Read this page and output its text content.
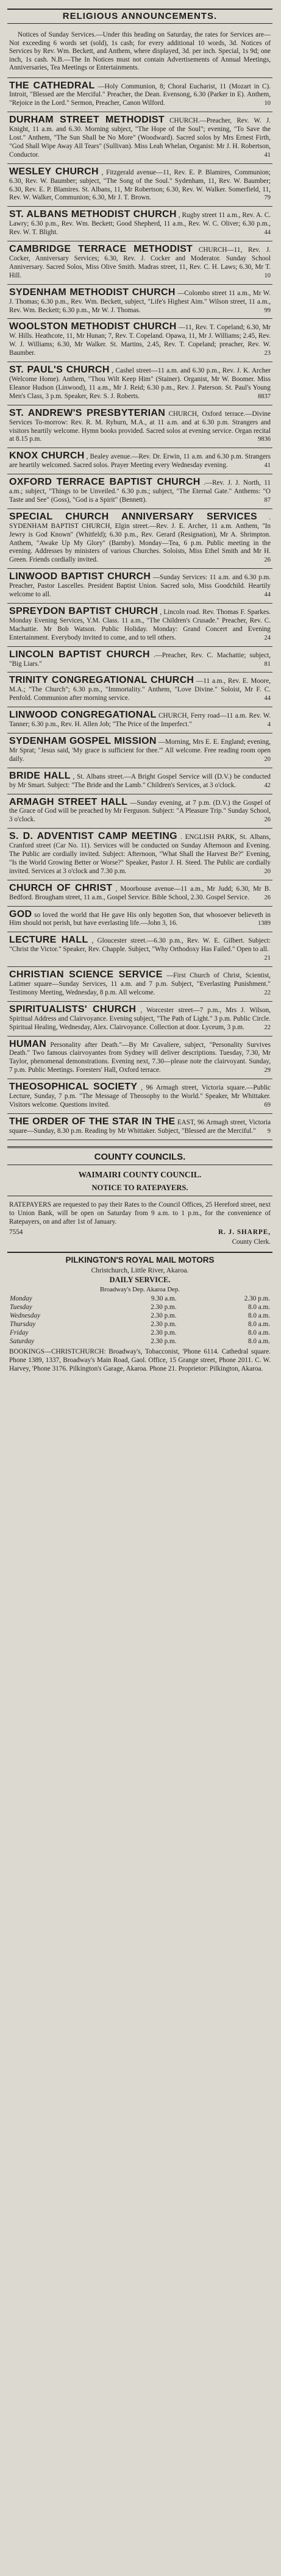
RELIGIOUS ANNOUNCEMENTS.
Notices of Sunday Services.—Under this heading on Saturday, the rates for Services are—Not exceeding 6 words set (sold), 1s cash; for every additional 10 words, 3d. Notices of Services by Rev. Wm. Beckett, and Anthem, where displayed, 3d. per inch. Special, 1s 9d; one inch, 1s cash. N.B.—The In Notices must not contain Advertisements of Annual Meetings, Anniversaries, Tea Meetings or Entertainments.
THE CATHEDRAL —Holy Communion, 8; Choral Eucharist, 11 (Mozart in C). Introit, "Blessed are the Merciful." Preacher, the Dean. Evensong, 6.30 (Parker in E). Anthem, "Rejoice in the Lord." Sermon, Preacher, Canon Wilford.	10
DURHAM STREET METHODIST CHURCH.—Preacher, Rev. W. J. Knight, 11 a.m. and 6.30. Morning subject, "The Hope of the Soul"; evening, "To Save the Lost." Anthem, "The Sun Shall be No More" (Woodward). Sacred solos by Mrs Ernest Firth, "God Shall Wipe Away All Tears" (Sullivan). Miss Leah Whelan, Organist: Mr J. H. Robertson, Conductor.	41
WESLEY CHURCH , Fitzgerald avenue—11, Rev. E. P. Blamires, Communion; 6.30, Rev. W. Baumber; subject, "The Song of the Soul." Sydenham, 11, Rev. W. Baumber; 6.30, Rev. E. P. Blamires. St. Albans, 11, Mr Robertson; 6.30, Rev. W. Walker. Somerfield, 11, Rev. W. Walker, Communion; 6.30, Mr J. T. Brown.	79
ST. ALBANS METHODIST CHURCH , Rugby street 11 a.m., Rev. A. C. Lawry; 6.30 p.m., Rev. Wm. Beckett; Good Shepherd, 11 a.m., Rev. W. C. Oliver; 6.30 p.m., Rev. W. T. Blight.	44
CAMBRIDGE TERRACE METHODIST CHURCH—11, Rev. J. Cocker, Anniversary Services; 6.30, Rev. J. Cocker and Moderator. Sunday School Anniversary. Sacred Solos, Miss Olive Smith. Madras street, 11, Rev. C. H. Laws; 6.30, Mr T. Hill.	10
SYDENHAM METHODIST CHURCH —Colombo street 11 a.m., Mr W. J. Thomas; 6.30 p.m., Rev. Wm. Beckett, subject, "Life's Highest Aim." Wilson street, 11 a.m., Rev. Wm. Beckett; 6.30 p.m., Mr W. J. Thomas.	99
WOOLSTON METHODIST CHURCH —11, Rev. T. Copeland; 6.30, Mr W. Hills. Heathcote, 11, Mr Hunan; 7, Rev. T. Copeland. Opawa, 11, Mr J. Williams; 2.45, Rev. W. J. Williams; 6.30, Mr Walker. St. Martins, 2.45, Rev. T. Copeland; preacher, Rev. W. Baumber.	23
ST. PAUL'S CHURCH , Cashel street—11 a.m. and 6.30 p.m., Rev. J. K. Archer (Welcome Home). Anthem, "Thou Wilt Keep Him" (Stainer). Organist, Mr W. Boomer. Miss Eleanor Hudson (Linwood), 11 a.m., Mr J. Reid; 6.30 p.m., Rev. J. Paterson. St. Paul's Young Men's Class, 3 p.m. Speaker, Rev. S. J. Roberts.	8837
ST. ANDREW'S PRESBYTERIAN CHURCH, Oxford terrace.—Divine Services To-morrow: Rev. R. M. Ryburn, M.A., at 11 a.m. and at 6.30 p.m. Strangers and visitors heartily welcome. Hymn books provided. Sacred solos at evening service. Organ recital at 8.15 p.m.	9836
KNOX CHURCH , Bealey avenue.—Rev. Dr. Erwin, 11 a.m. and 6.30 p.m. Strangers are heartily welcomed. Sacred solos. Prayer Meeting every Wednesday evening.	41
OXFORD TERRACE BAPTIST CHURCH .—Rev. J. J. North, 11 a.m.; subject, "Things to be Unveiled." 6.30 p.m.; subject, "The Eternal Gate." Anthems: "O Taste and See" (Goss), "God is a Spirit" (Bennett).	87
SPECIAL CHURCH ANNIVERSARY SERVICES . SYDENHAM BAPTIST CHURCH, Elgin street.—Rev. J. E. Archer, 11 a.m. Anthem, "In Jewry is God Known" (Whitfeld); 6.30 p.m., Rev. Gerard (Resignation), Mr A. Shrimpton. Anthem, "Awake Up My Glory" (Barnby). Monday—Tea, 6 p.m. Public meeting in the evening. Addresses by ministers of various Churches. Soloists, Miss Ethel Smith and Mr H. Green. Friends cordially invited.	26
LINWOOD BAPTIST CHURCH —Sunday Services: 11 a.m. and 6.30 p.m. Preacher, Pastor Lascelles. President Baptist Union. Sacred solo, Miss Goodchild. Heartily welcome to all.	44
SPREYDON BAPTIST CHURCH , Lincoln road. Rev. Thomas F. Sparkes. Monday Evening Services, Y.M. Class. 11 a.m., "The Children's Crusade." Preacher, Rev. C. Machattie. Mr Bob Watson. Public Holiday. Monday: Grand Concert and Evening Entertainment. Everybody invited to come, and to tell others.	24
LINCOLN BAPTIST CHURCH .—Preacher, Rev. C. Machattie; subject, "Big Liars."	81
TRINITY CONGREGATIONAL CHURCH —11 a.m., Rev. E. Moore, M.A.; "The Church"; 6.30 p.m., "Immortality." Anthem, "Love Divine." Soloist, Mr F. C. Penfold. Communion after morning service.	44
LINWOOD CONGREGATIONAL CHURCH, Ferry road—11 a.m. Rev. W. Tanner; 6.30 p.m., Rev. H. Allen Job; "The Price of the Imperfect."	4
SYDENHAM GOSPEL MISSION —Morning, Mrs E. E. England; evening, Mr Sprat; "Jesus said, 'My grace is sufficient for thee.'" All welcome. Free reading room open daily.	20
BRIDE HALL , St. Albans street.—A Bright Gospel Service will (D.V.) be conducted by Mr Smart. Subject: "The Bride and the Lamb." Children's Services, at 3 o'clock.	42
ARMAGH STREET HALL —Sunday evening, at 7 p.m. (D.V.) the Gospel of the Grace of God will be preached by Mr Ferguson. Subject: "A Pleasure Trip." Sunday School, 3 o'clock.	26
S. D. ADVENTIST CAMP MEETING . ENGLISH PARK, St. Albans, Cranford street (Car No. 11). Services will be conducted on Sunday Afternoon and Evening. The Public are cordially invited. Subject: Afternoon, "What Shall the Harvest Be?" Evening, "Is the World Growing Better or Worse?" Speaker, Pastor J. H. Steed. The Public are cordially invited. Services at 3 o'clock and 7.30 p.m.	20
CHURCH OF CHRIST , Moorhouse avenue—11 a.m., Mr Judd; 6.30, Mr B. Bedford. Brougham street, 11 a.m., Gospel Service. Bible School, 2.30. Gospel Service. 26
GOD so loved the world that He gave His only begotten Son, that whosoever believeth in Him should not perish, but have everlasting life.—John 3, 16.	1389
LECTURE HALL , Gloucester street.—6.30 p.m., Rev. W. E. Gilbert. Subject: "Christ the Victor." Speaker, Rev. Chapple. Subject, "Why Orthodoxy Has Failed." Open to all.
21
CHRISTIAN SCIENCE SERVICE —First Church of Christ, Scientist, Latimer square—Sunday Services, 11 a.m. and 7 p.m. Subject, "Everlasting Punishment." Testimony Meeting, Wednesday, 8 p.m. All welcome.	22
SPIRITUALISTS' CHURCH , Worcester street—7 p.m., Mrs J. Wilson, Spiritual Address and Clairvoyance. Evening subject, "The Path of Light." 3 p.m. Public Circle. Spiritual Healing, Wednesday, Alex. Clairvoyance. Collection at door. Lyceum, 3 p.m.	22
HUMAN Personality after Death."—By Mr Cavaliere, subject, "Personality Survives Death." Two famous clairvoyantes from Sydney will deliver descriptions. Tuesday, 7.30, Mr Taylor, phenomenal demonstrations. Evening next, 7.30—please note the clairvoyant. Sunday, 7 p.m. Public Meetings. Foresters' Hall, Oxford terrace.	29
THEOSOPHICAL SOCIETY , 96 Armagh street, Victoria square.—Public Lecture, Sunday, 7 p.m. "The Message of Theosophy to the World." Speaker, Mr Whittaker. Visitors welcome. Questions invited.	69
THE ORDER OF THE STAR IN THE EAST, 96 Armagh street, Victoria square—Sunday, 8.30 p.m. Reading by Mr Whittaker. Subject, "Blessed are the Merciful." 9
COUNTY COUNCILS.
WAIMAIRI COUNTY COUNCIL.
NOTICE TO RATEPAYERS.
RATEPAYERS are requested to pay their Rates to the Council Offices, 25 Hereford street, next to Union Bank, will be open on Saturday from 9 a.m. to 1 p.m., for the convenience of Ratepayers, on and after 1st of January.
7554	R. J. SHARPE,
County Clerk.
PILKINGTON'S ROYAL MAIL MOTORS
Christchurch, Little River, Akaroa.
DAILY SERVICE.
Broadway's Dep. Akaroa Dep.
Monday	9.30 a.m.	2.30 p.m.
Tuesday	2.30 p.m.	8.0 a.m.
Wednesday	2.30 p.m.	8.0 a.m.
Thursday	2.30 p.m.	8.0 a.m.
Friday	2.30 p.m.	8.0 a.m.
Saturday	2.30 p.m.	8.0 a.m.
BOOKINGS—CHRISTCHURCH: Broadway's, Tobacconist, 'Phone 6114. Cathedral square. Phone 1389, 1337, Broadway's Main Road, Gaol. Office, 15 Grange street, Phone 2011. C. W. Harvey, 'Phone 3176. Pilkington's Garage, Akaroa. Phone 21. Proprietor: Pilkington, Akaroa.
